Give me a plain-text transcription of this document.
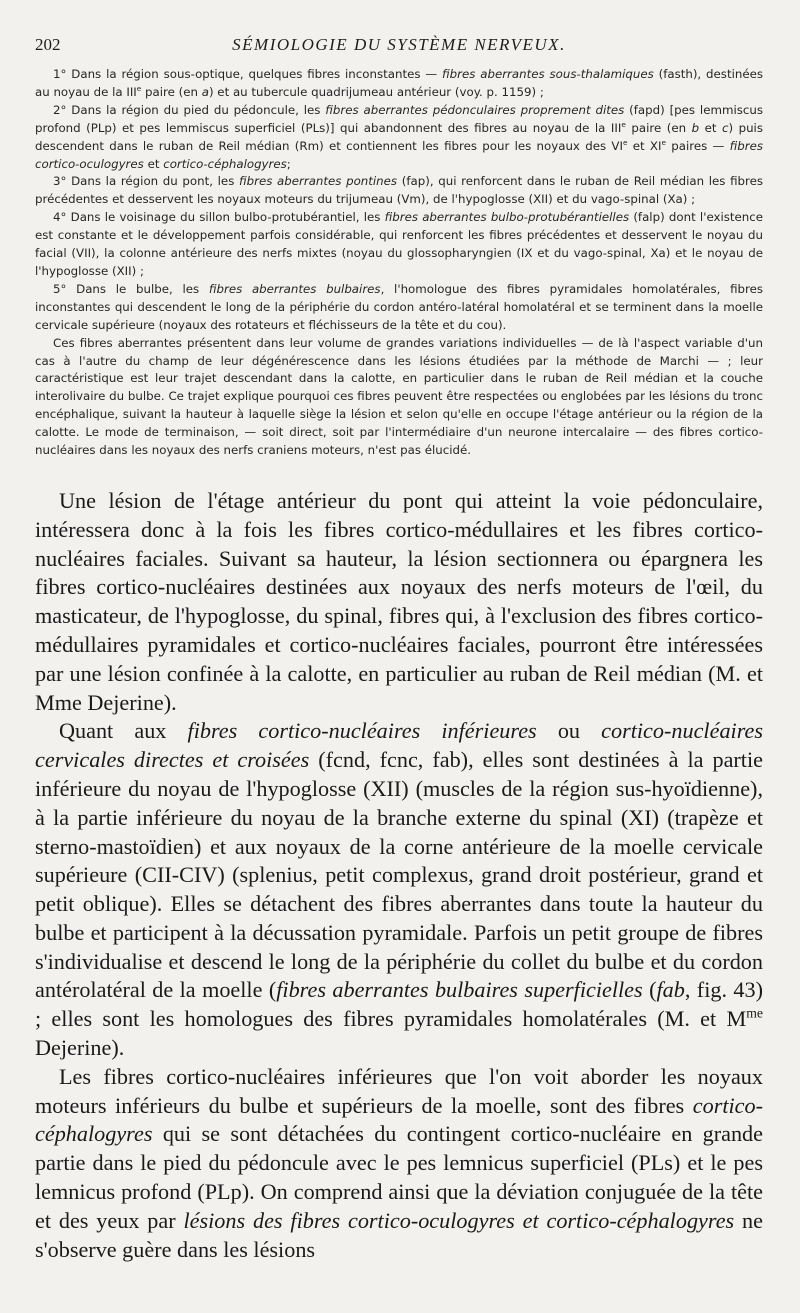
202	SÉMIOLOGIE DU SYSTÈME NERVEUX.

1° Dans la région sous-optique, quelques fibres inconstantes — fibres aberrantes sous-thalamiques (fasth), destinées au noyau de la IIIe paire (en a) et au tubercule quadrijumeau antérieur (voy. p. 1159) ;

2° Dans la région du pied du pédoncule, les fibres aberrantes pédonculaires proprement dites (fapd) [pes lemmiscus profond (PLp) et pes lemmiscus superficiel (PLs)] qui abandonnent des fibres au noyau de la IIIe paire (en b et c) puis descendent dans le ruban de Reil médian (Rm) et contiennent les fibres pour les noyaux des VIe et XIe paires — fibres cortico-oculogyres et cortico-céphalogyres;

3° Dans la région du pont, les fibres aberrantes pontines (fap), qui renforcent dans le ruban de Reil médian les fibres précédentes et desservent les noyaux moteurs du trijumeau (Vm), de l'hypoglosse (XII) et du vago-spinal (Xa) ;

4° Dans le voisinage du sillon bulbo-protubérantiel, les fibres aberrantes bulbo-protubérantielles (falp) dont l'existence est constante et le développement parfois considérable, qui renforcent les fibres précédentes et desservent le noyau du facial (VII), la colonne antérieure des nerfs mixtes (noyau du glossopharyngien (IX et du vago-spinal, Xa) et le noyau de l'hypoglosse (XII) ;

5° Dans le bulbe, les fibres aberrantes bulbaires, l'homologue des fibres pyramidales homolatérales, fibres inconstantes qui descendent le long de la périphérie du cordon antéro-latéral homolatéral et se terminent dans la moelle cervicale supérieure (noyaux des rotateurs et fléchisseurs de la tête et du cou).

Ces fibres aberrantes présentent dans leur volume de grandes variations individuelles — de là l'aspect variable d'un cas à l'autre du champ de leur dégénérescence dans les lésions étudiées par la méthode de Marchi — ; leur caractéristique est leur trajet descendant dans la calotte, en particulier dans le ruban de Reil médian et la couche interolivaire du bulbe. Ce trajet explique pourquoi ces fibres peuvent être respectées ou englobées par les lésions du tronc encéphalique, suivant la hauteur à laquelle siège la lésion et selon qu'elle en occupe l'étage antérieur ou la région de la calotte. Le mode de terminaison, — soit direct, soit par l'intermédiaire d'un neurone intercalaire — des fibres cortico-nucléaires dans les noyaux des nerfs craniens moteurs, n'est pas élucidé.

Une lésion de l'étage antérieur du pont qui atteint la voie pédonculaire, intéressera donc à la fois les fibres cortico-médullaires et les fibres cortico-nucléaires faciales. Suivant sa hauteur, la lésion sectionnera ou épargnera les fibres cortico-nucléaires destinées aux noyaux des nerfs moteurs de l'œil, du masticateur, de l'hypoglosse, du spinal, fibres qui, à l'exclusion des fibres cortico-médullaires pyramidales et cortico-nucléaires faciales, pourront être intéressées par une lésion confinée à la calotte, en particulier au ruban de Reil médian (M. et Mme Dejerine).

Quant aux fibres cortico-nucléaires inférieures ou cortico-nucléaires cervicales directes et croisées (fcnd, fcnc, fab), elles sont destinées à la partie inférieure du noyau de l'hypoglosse (XII) (muscles de la région sus-hyoïdienne), à la partie inférieure du noyau de la branche externe du spinal (XI) (trapèze et sterno-mastoïdien) et aux noyaux de la corne antérieure de la moelle cervicale supérieure (CII-CIV) (splenius, petit complexus, grand droit postérieur, grand et petit oblique). Elles se détachent des fibres aberrantes dans toute la hauteur du bulbe et participent à la décussation pyramidale. Parfois un petit groupe de fibres s'individualise et descend le long de la périphérie du collet du bulbe et du cordon antérolatéral de la moelle (fibres aberrantes bulbaires superficielles (fab, fig. 43) ; elles sont les homologues des fibres pyramidales homolatérales (M. et $M^{me}$ Dejerine).

Les fibres cortico-nucléaires inférieures que l'on voit aborder les noyaux moteurs inférieurs du bulbe et supérieurs de la moelle, sont des fibres cortico-céphalogyres qui se sont détachées du contingent cortico-nucléaire en grande partie dans le pied du pédoncule avec le pes lemnicus superficiel (PLs) et le pes lemnicus profond (PLp). On comprend ainsi que la déviation conjuguée de la tête et des yeux par lésions des fibres cortico-oculogyres et cortico-céphalogyres ne s'observe guère dans les lésions
